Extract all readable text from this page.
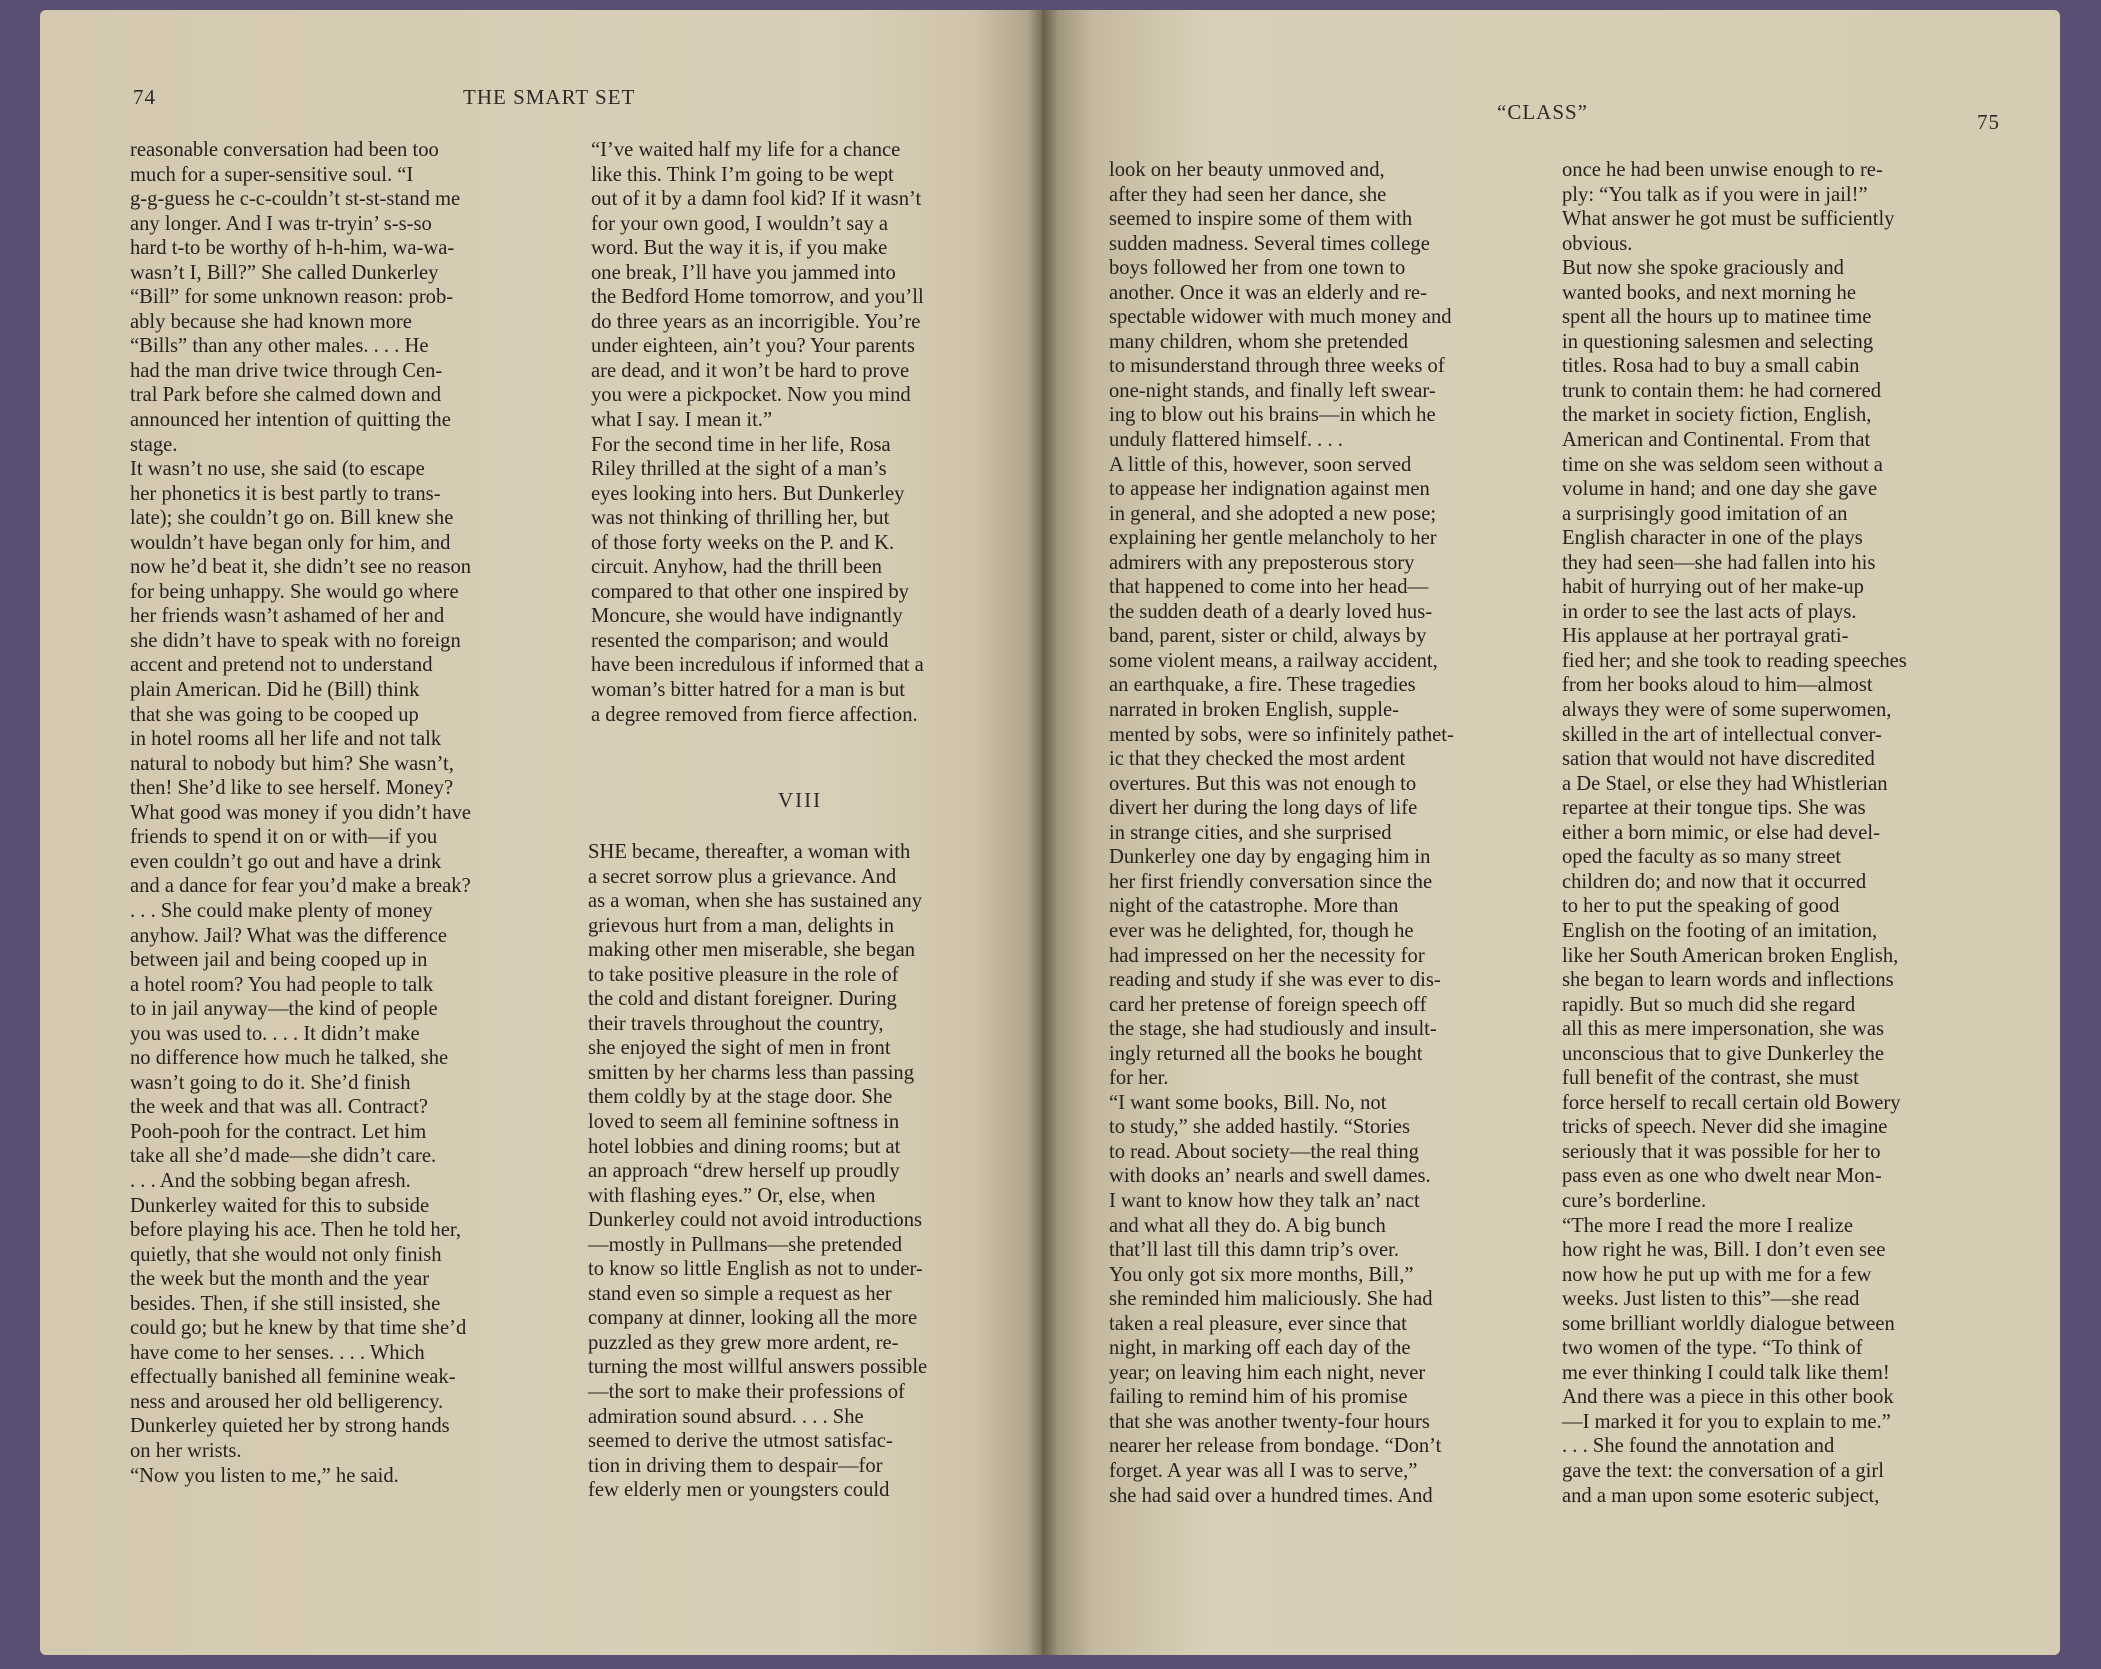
74	THE SMART SET

reasonable conversation had been too
much for a super-sensitive soul. “I
g-g-guess he c-c-couldn’t st-st-stand me
any longer. And I was tr-tryin’ s-s-so
hard t-to be worthy of h-h-him, wa-wa-
wasn’t I, Bill?” She called Dunkerley
“Bill” for some unknown reason: prob-
ably because she had known more
“Bills” than any other males. . . . He
had the man drive twice through Cen-
tral Park before she calmed down and
announced her intention of quitting the
stage.
It wasn’t no use, she said (to escape
her phonetics it is best partly to trans-
late); she couldn’t go on. Bill knew she
wouldn’t have began only for him, and
now he’d beat it, she didn’t see no reason
for being unhappy. She would go where
her friends wasn’t ashamed of her and
she didn’t have to speak with no foreign
accent and pretend not to understand
plain American. Did he (Bill) think
that she was going to be cooped up
in hotel rooms all her life and not talk
natural to nobody but him? She wasn’t,
then! She’d like to see herself. Money?
What good was money if you didn’t have
friends to spend it on or with—if you
even couldn’t go out and have a drink
and a dance for fear you’d make a break?
. . . She could make plenty of money
anyhow. Jail? What was the difference
between jail and being cooped up in
a hotel room? You had people to talk
to in jail anyway—the kind of people
you was used to. . . . It didn’t make
no difference how much he talked, she
wasn’t going to do it. She’d finish
the week and that was all. Contract?
Pooh-pooh for the contract. Let him
take all she’d made—she didn’t care.
. . . And the sobbing began afresh.
Dunkerley waited for this to subside
before playing his ace. Then he told her,
quietly, that she would not only finish
the week but the month and the year
besides. Then, if she still insisted, she
could go; but he knew by that time she’d
have come to her senses. . . . Which
effectually banished all feminine weak-
ness and aroused her old belligerency.
Dunkerley quieted her by strong hands
on her wrists.
“Now you listen to me,” he said.

“I’ve waited half my life for a chance
like this. Think I’m going to be wept
out of it by a damn fool kid? If it wasn’t
for your own good, I wouldn’t say a
word. But the way it is, if you make
one break, I’ll have you jammed into
the Bedford Home tomorrow, and you’ll
do three years as an incorrigible. You’re
under eighteen, ain’t you? Your parents
are dead, and it won’t be hard to prove
you were a pickpocket. Now you mind
what I say. I mean it.”
For the second time in her life, Rosa
Riley thrilled at the sight of a man’s
eyes looking into hers. But Dunkerley
was not thinking of thrilling her, but
of those forty weeks on the P. and K.
circuit. Anyhow, had the thrill been
compared to that other one inspired by
Moncure, she would have indignantly
resented the comparison; and would
have been incredulous if informed that a
woman’s bitter hatred for a man is but
a degree removed from fierce affection.

VIII

SHE became, thereafter, a woman with
a secret sorrow plus a grievance. And
as a woman, when she has sustained any
grievous hurt from a man, delights in
making other men miserable, she began
to take positive pleasure in the role of
the cold and distant foreigner. During
their travels throughout the country,
she enjoyed the sight of men in front
smitten by her charms less than passing
them coldly by at the stage door. She
loved to seem all feminine softness in
hotel lobbies and dining rooms; but at
an approach “drew herself up proudly
with flashing eyes.” Or, else, when
Dunkerley could not avoid introductions
—mostly in Pullmans—she pretended
to know so little English as not to under-
stand even so simple a request as her
company at dinner, looking all the more
puzzled as they grew more ardent, re-
turning the most willful answers possible
—the sort to make their professions of
admiration sound absurd. . . . She
seemed to derive the utmost satisfac-
tion in driving them to despair—for
few elderly men or youngsters could

“CLASS”	75

look on her beauty unmoved and,
after they had seen her dance, she
seemed to inspire some of them with
sudden madness. Several times college
boys followed her from one town to
another. Once it was an elderly and re-
spectable widower with much money and
many children, whom she pretended
to misunderstand through three weeks of
one-night stands, and finally left swear-
ing to blow out his brains—in which he
unduly flattered himself. . . .
A little of this, however, soon served
to appease her indignation against men
in general, and she adopted a new pose;
explaining her gentle melancholy to her
admirers with any preposterous story
that happened to come into her head—
the sudden death of a dearly loved hus-
band, parent, sister or child, always by
some violent means, a railway accident,
an earthquake, a fire. These tragedies
narrated in broken English, supple-
mented by sobs, were so infinitely pathet-
ic that they checked the most ardent
overtures. But this was not enough to
divert her during the long days of life
in strange cities, and she surprised
Dunkerley one day by engaging him in
her first friendly conversation since the
night of the catastrophe. More than
ever was he delighted, for, though he
had impressed on her the necessity for
reading and study if she was ever to dis-
card her pretense of foreign speech off
the stage, she had studiously and insult-
ingly returned all the books he bought
for her.
“I want some books, Bill. No, not
to study,” she added hastily. “Stories
to read. About society—the real thing
with dooks an’ nearls and swell dames.
I want to know how they talk an’ nact
and what all they do. A big bunch
that’ll last till this damn trip’s over.
You only got six more months, Bill,”
she reminded him maliciously. She had
taken a real pleasure, ever since that
night, in marking off each day of the
year; on leaving him each night, never
failing to remind him of his promise
that she was another twenty-four hours
nearer her release from bondage. “Don’t
forget. A year was all I was to serve,”
she had said over a hundred times. And

once he had been unwise enough to re-
ply: “You talk as if you were in jail!”
What answer he got must be sufficiently
obvious.
But now she spoke graciously and
wanted books, and next morning he
spent all the hours up to matinee time
in questioning salesmen and selecting
titles. Rosa had to buy a small cabin
trunk to contain them: he had cornered
the market in society fiction, English,
American and Continental. From that
time on she was seldom seen without a
volume in hand; and one day she gave
a surprisingly good imitation of an
English character in one of the plays
they had seen—she had fallen into his
habit of hurrying out of her make-up
in order to see the last acts of plays.
His applause at her portrayal grati-
fied her; and she took to reading speeches
from her books aloud to him—almost
always they were of some superwomen,
skilled in the art of intellectual conver-
sation that would not have discredited
a De Stael, or else they had Whistlerian
repartee at their tongue tips. She was
either a born mimic, or else had devel-
oped the faculty as so many street
children do; and now that it occurred
to her to put the speaking of good
English on the footing of an imitation,
like her South American broken English,
she began to learn words and inflections
rapidly. But so much did she regard
all this as mere impersonation, she was
unconscious that to give Dunkerley the
full benefit of the contrast, she must
force herself to recall certain old Bowery
tricks of speech. Never did she imagine
seriously that it was possible for her to
pass even as one who dwelt near Mon-
cure’s borderline.
“The more I read the more I realize
how right he was, Bill. I don’t even see
now how he put up with me for a few
weeks. Just listen to this”—she read
some brilliant worldly dialogue between
two women of the type. “To think of
me ever thinking I could talk like them!
And there was a piece in this other book
—I marked it for you to explain to me.”
. . . She found the annotation and
gave the text: the conversation of a girl
and a man upon some esoteric subject,
